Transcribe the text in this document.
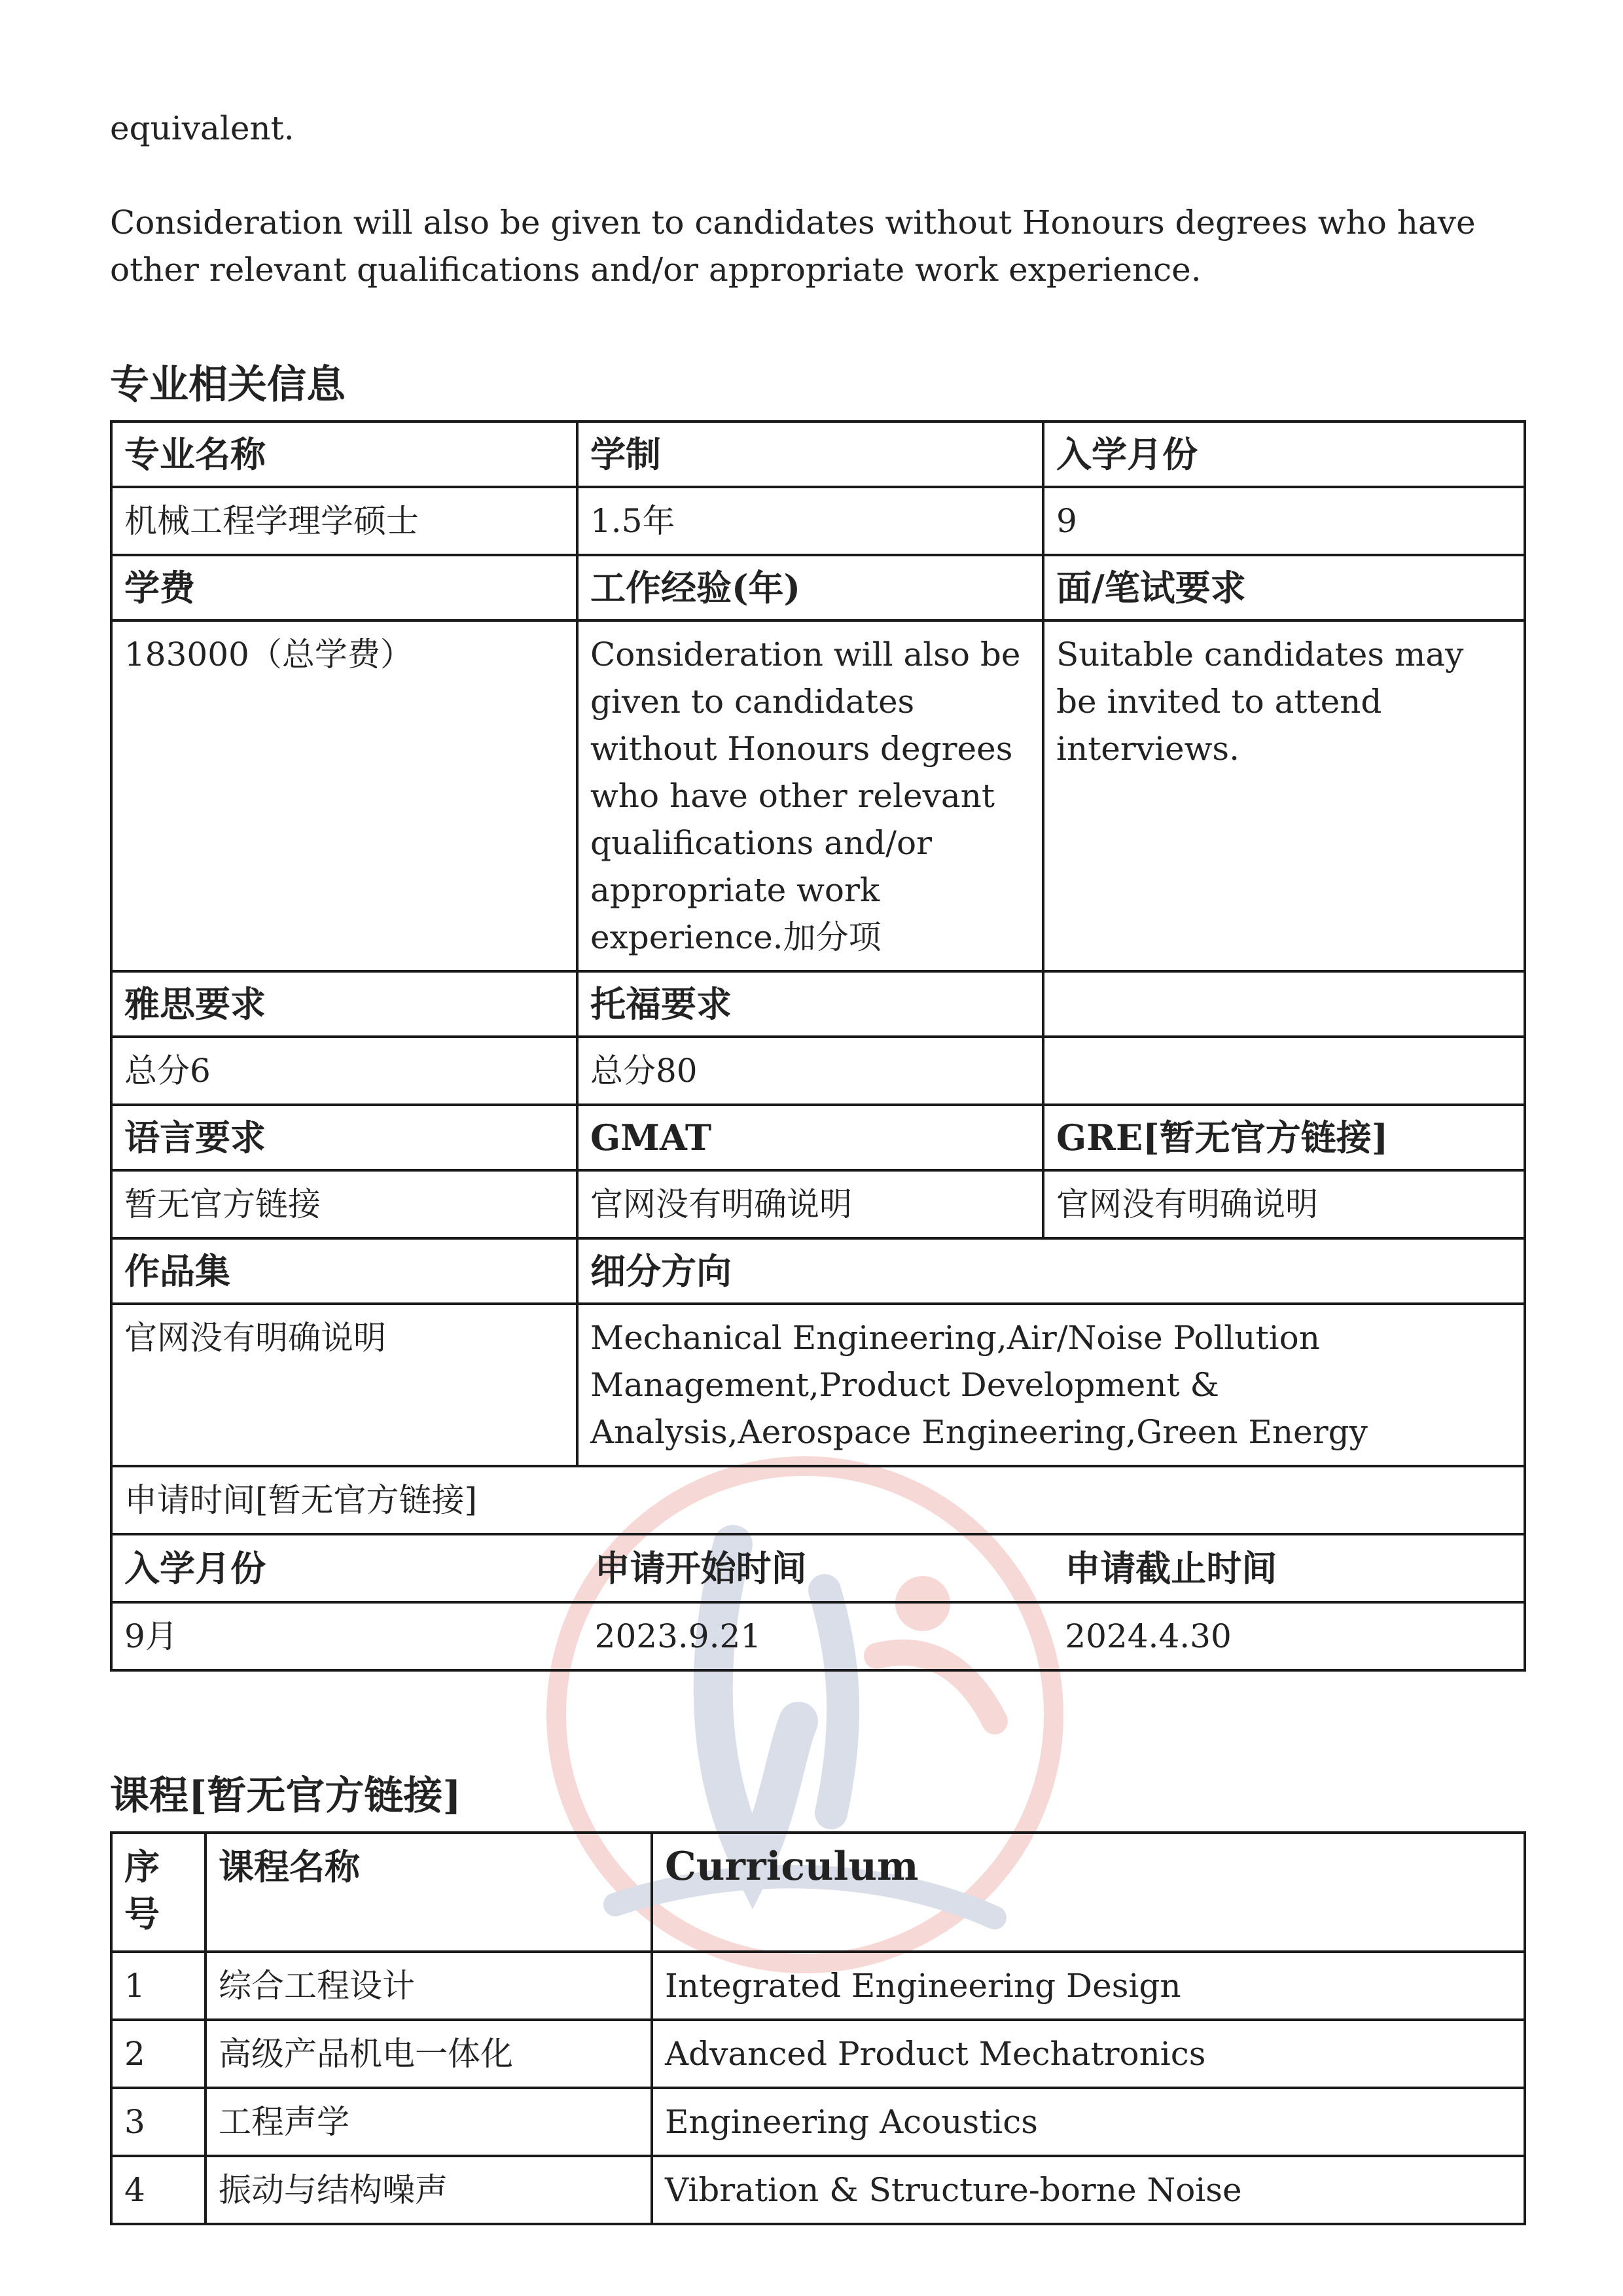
equivalent.

Consideration will also be given to candidates without Honours degrees who have other relevant qualifications and/or appropriate work experience.

专业相关信息
专业名称	学制	入学月份
机械工程学理学硕士	1.5年	9
学费	工作经验(年)	面/笔试要求
183000（总学费）	Consideration will also be given to candidates without Honours degrees who have other relevant qualifications and/or appropriate work experience.加分项	Suitable candidates may be invited to attend interviews.
雅思要求	托福要求	
总分6	总分80	
语言要求	GMAT	GRE[暂无官方链接]
暂无官方链接	官网没有明确说明	官网没有明确说明
作品集	细分方向
官网没有明确说明	Mechanical Engineering,Air/Noise Pollution Management,Product Development & Analysis,Aerospace Engineering,Green Energy
申请时间[暂无官方链接]

入学月份	申请开始时间	申请截止时间
9月	2023.9.21	2024.4.30
课程[暂无官方链接]
序号	课程名称	Curriculum
1	综合工程设计	Integrated Engineering Design
2	高级产品机电一体化	Advanced Product Mechatronics
3	工程声学	Engineering Acoustics
4	振动与结构噪声	Vibration & Structure-borne Noise
